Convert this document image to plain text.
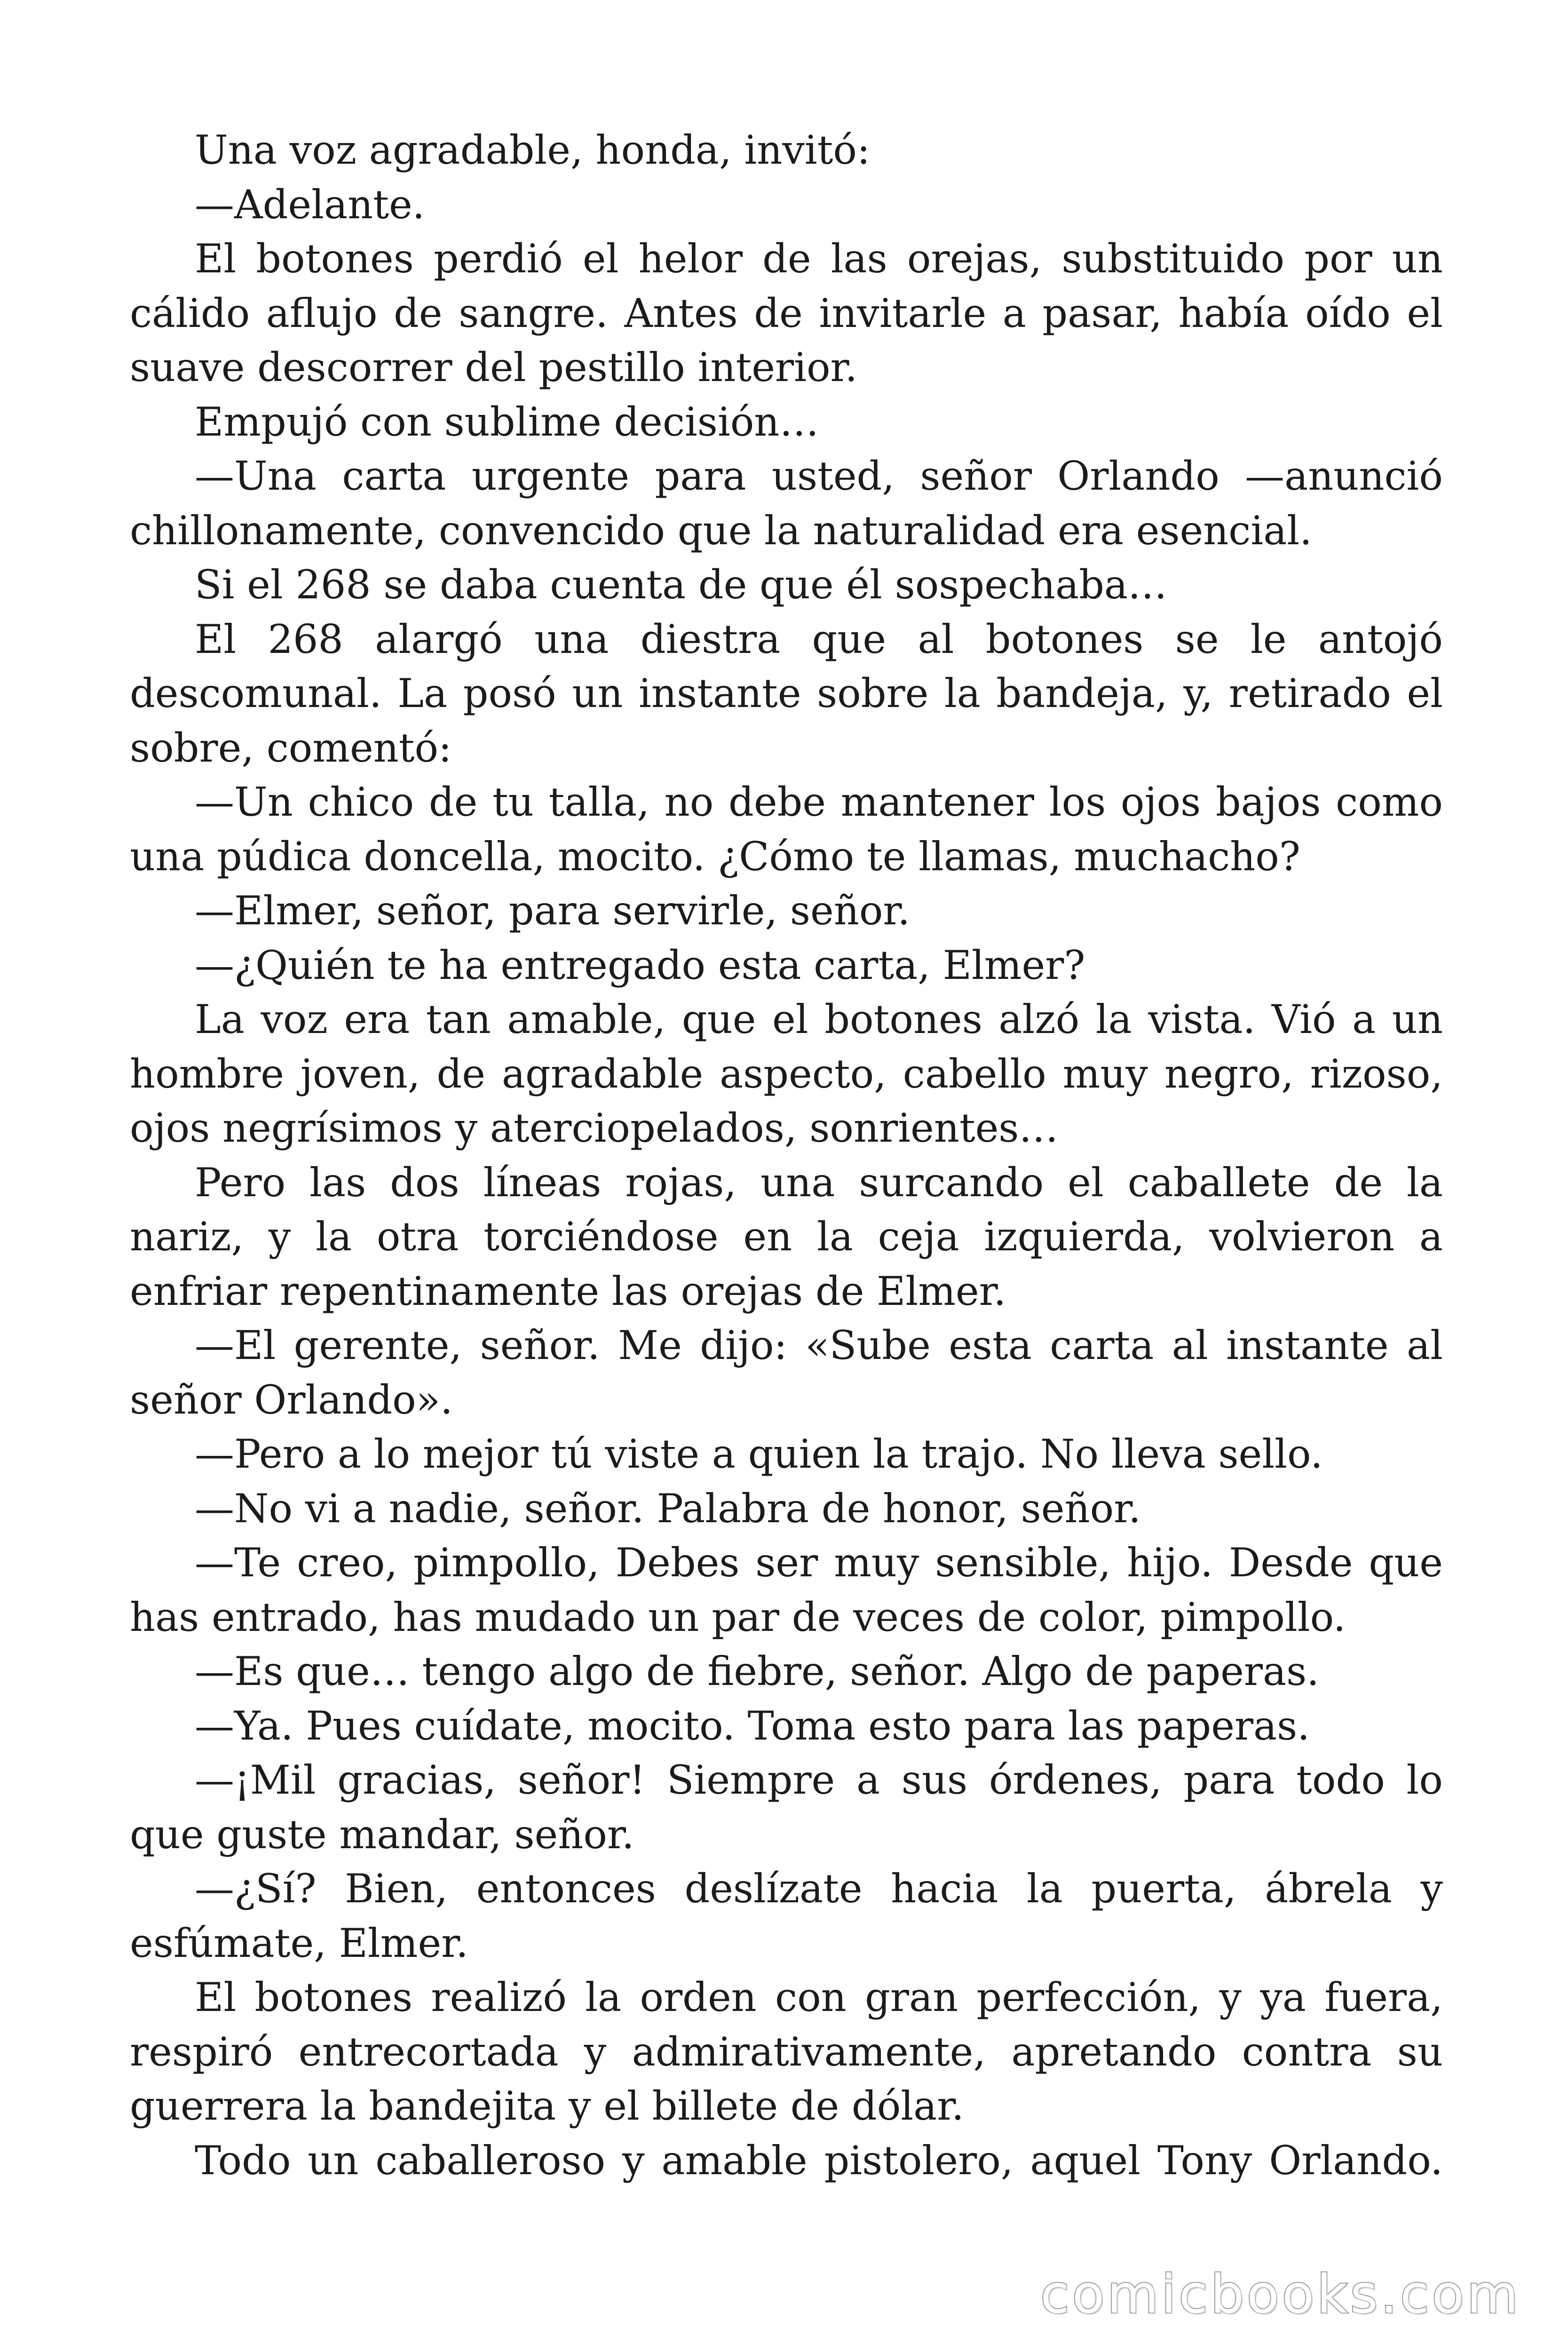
Una voz agradable, honda, invitó:

—Adelante.

El botones perdió el helor de las orejas, substituido por un cálido aflujo de sangre. Antes de invitarle a pasar, había oído el suave descorrer del pestillo interior.

Empujó con sublime decisión…

—Una carta urgente para usted, señor Orlando —anunció chillonamente, convencido que la naturalidad era esencial.

Si el 268 se daba cuenta de que él sospechaba…

El 268 alargó una diestra que al botones se le antojó descomunal. La posó un instante sobre la bandeja, y, retirado el sobre, comentó:

—Un chico de tu talla, no debe mantener los ojos bajos como una púdica doncella, mocito. ¿Cómo te llamas, muchacho?

—Elmer, señor, para servirle, señor.

—¿Quién te ha entregado esta carta, Elmer?

La voz era tan amable, que el botones alzó la vista. Vió a un hombre joven, de agradable aspecto, cabello muy negro, rizoso, ojos negrísimos y aterciopelados, sonrientes…

Pero las dos líneas rojas, una surcando el caballete de la nariz, y la otra torciéndose en la ceja izquierda, volvieron a enfriar repentinamente las orejas de Elmer.

—El gerente, señor. Me dijo: «Sube esta carta al instante al señor Orlando».

—Pero a lo mejor tú viste a quien la trajo. No lleva sello.

—No vi a nadie, señor. Palabra de honor, señor.

—Te creo, pimpollo, Debes ser muy sensible, hijo. Desde que has entrado, has mudado un par de veces de color, pimpollo.

—Es que… tengo algo de fiebre, señor. Algo de paperas.

—Ya. Pues cuídate, mocito. Toma esto para las paperas.

—¡Mil gracias, señor! Siempre a sus órdenes, para todo lo que guste mandar, señor.

—¿Sí? Bien, entonces deslízate hacia la puerta, ábrela y esfúmate, Elmer.

El botones realizó la orden con gran perfección, y ya fuera, respiró entrecortada y admirativamente, apretando contra su guerrera la bandejita y el billete de dólar.

Todo un caballeroso y amable pistolero, aquel Tony Orlando.

comicbooks.com
